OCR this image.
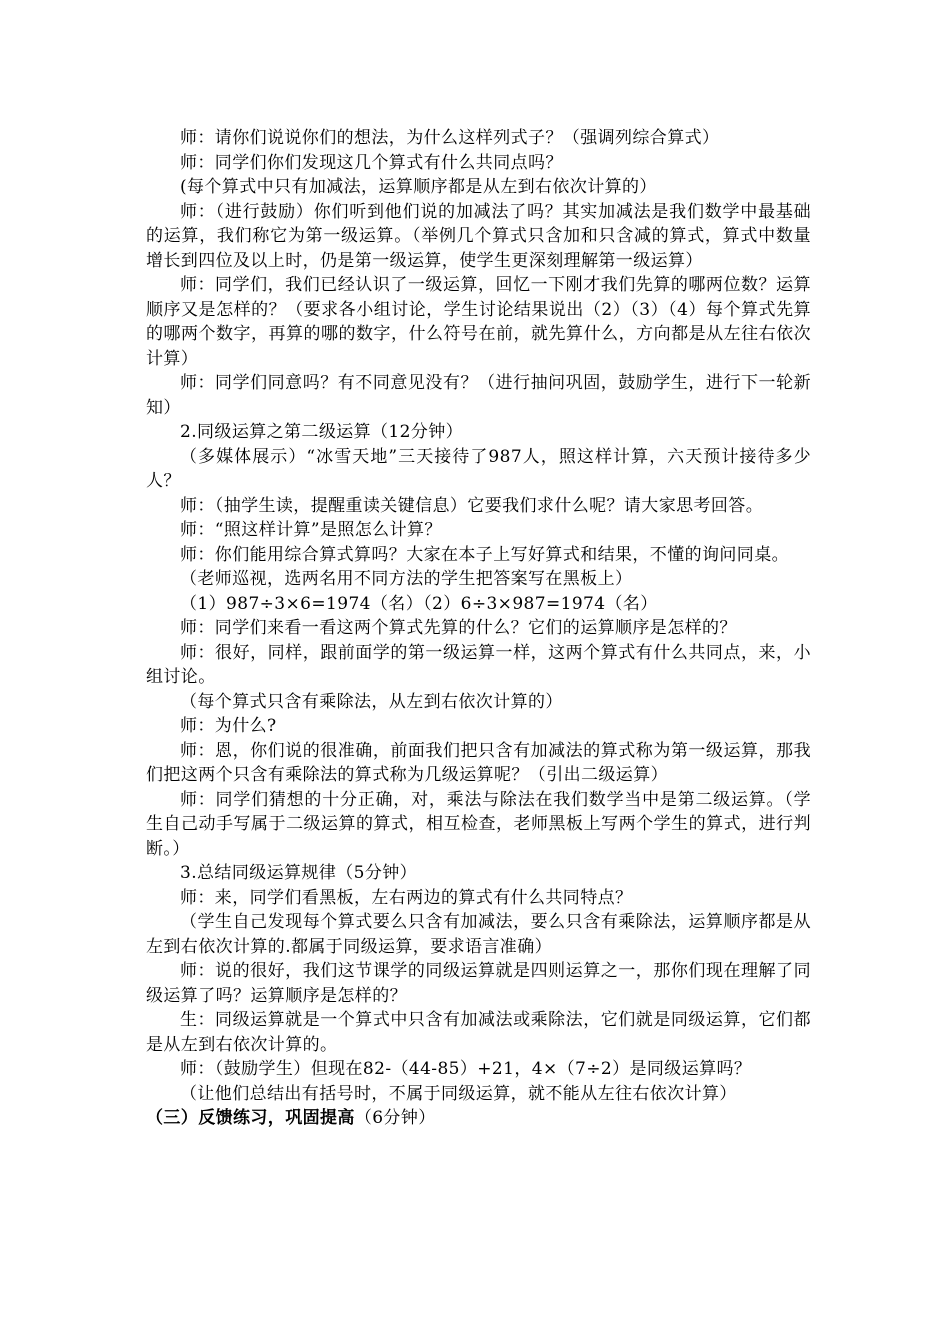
师：请你们说说你们的想法，为什么这样列式子？（强调列综合算式）

师：同学们你们发现这几个算式有什么共同点吗？

(每个算式中只有加减法，运算顺序都是从左到右依次计算的）

师：（进行鼓励）你们听到他们说的加减法了吗？其实加减法是我们数学中最基础的运算，我们称它为第一级运算。（举例几个算式只含加和只含减的算式，算式中数量增长到四位及以上时，仍是第一级运算，使学生更深刻理解第一级运算）

师：同学们，我们已经认识了一级运算，回忆一下刚才我们先算的哪两位数？运算顺序又是怎样的？（要求各小组讨论，学生讨论结果说出（2）（3）（4）每个算式先算的哪两个数字，再算的哪的数字，什么符号在前，就先算什么，方向都是从左往右依次计算）

师：同学们同意吗？有不同意见没有？（进行抽问巩固，鼓励学生，进行下一轮新知）

2.同级运算之第二级运算（12分钟）

（多媒体展示）“冰雪天地”三天接待了987人，照这样计算，六天预计接待多少人？

师：（抽学生读，提醒重读关键信息）它要我们求什么呢？请大家思考回答。

师：“照这样计算”是照怎么计算？

师：你们能用综合算式算吗？大家在本子上写好算式和结果，不懂的询问同桌。

（老师巡视，选两名用不同方法的学生把答案写在黑板上）

（1）987÷3×6=1974（名）（2）6÷3×987=1974（名）

师：同学们来看一看这两个算式先算的什么？它们的运算顺序是怎样的？

师：很好，同样，跟前面学的第一级运算一样，这两个算式有什么共同点，来，小组讨论。

（每个算式只含有乘除法，从左到右依次计算的）

师：为什么?

师：恩，你们说的很准确，前面我们把只含有加减法的算式称为第一级运算，那我们把这两个只含有乘除法的算式称为几级运算呢？（引出二级运算）

师：同学们猜想的十分正确，对，乘法与除法在我们数学当中是第二级运算。（学生自己动手写属于二级运算的算式，相互检查，老师黑板上写两个学生的算式，进行判断。）

3.总结同级运算规律（5分钟）

师：来，同学们看黑板，左右两边的算式有什么共同特点？

（学生自己发现每个算式要么只含有加减法，要么只含有乘除法，运算顺序都是从左到右依次计算的.都属于同级运算，要求语言准确）

师：说的很好，我们这节课学的同级运算就是四则运算之一，那你们现在理解了同级运算了吗？运算顺序是怎样的？

生：同级运算就是一个算式中只含有加减法或乘除法，它们就是同级运算，它们都是从左到右依次计算的。

师：（鼓励学生）但现在82-（44-85）+21，4×（7÷2）是同级运算吗？

（让他们总结出有括号时，不属于同级运算，就不能从左往右依次计算）

（三）反馈练习，巩固提高（6分钟）
